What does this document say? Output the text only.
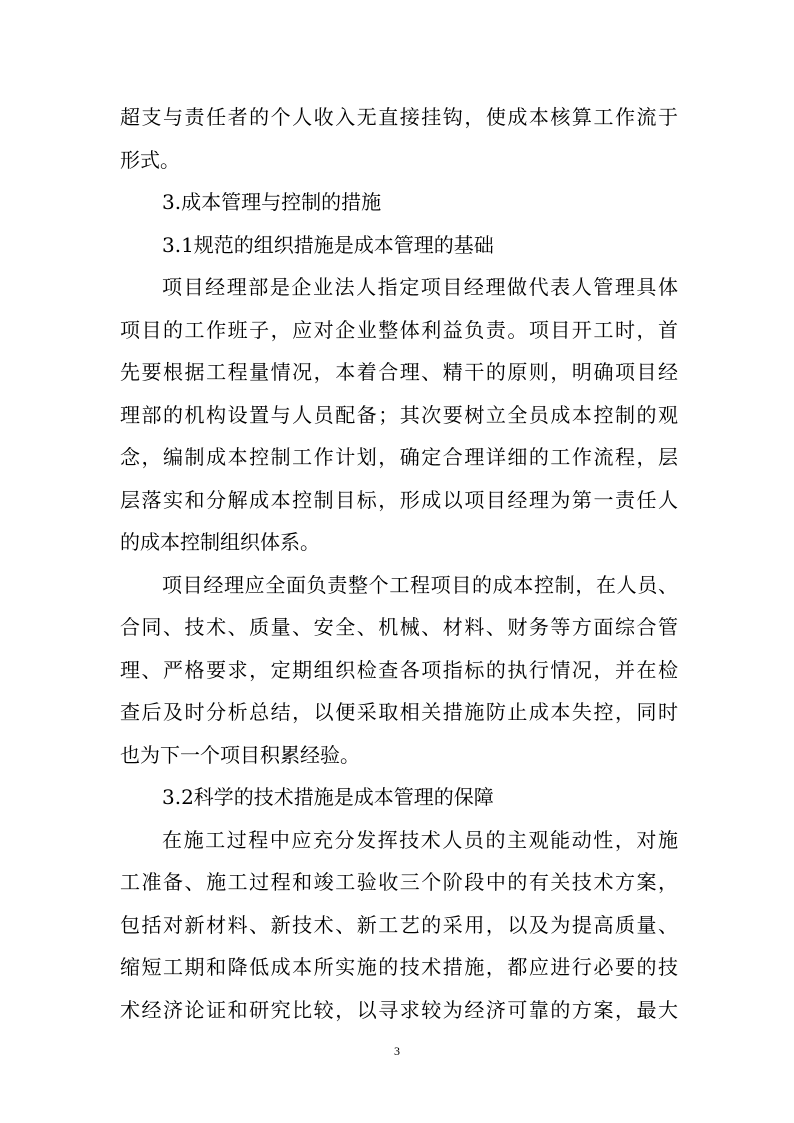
超支与责任者的个人收入无直接挂钩，使成本核算工作流于
形式。
3.成本管理与控制的措施
3.1规范的组织措施是成本管理的基础
项目经理部是企业法人指定项目经理做代表人管理具体
项目的工作班子，应对企业整体利益负责。项目开工时，首
先要根据工程量情况，本着合理、精干的原则，明确项目经
理部的机构设置与人员配备；其次要树立全员成本控制的观
念，编制成本控制工作计划，确定合理详细的工作流程，层
层落实和分解成本控制目标，形成以项目经理为第一责任人
的成本控制组织体系。
项目经理应全面负责整个工程项目的成本控制，在人员、
合同、技术、质量、安全、机械、材料、财务等方面综合管
理、严格要求，定期组织检查各项指标的执行情况，并在检
查后及时分析总结，以便采取相关措施防止成本失控，同时
也为下一个项目积累经验。
3.2科学的技术措施是成本管理的保障
在施工过程中应充分发挥技术人员的主观能动性，对施
工准备、施工过程和竣工验收三个阶段中的有关技术方案，
包括对新材料、新技术、新工艺的采用，以及为提高质量、
缩短工期和降低成本所实施的技术措施，都应进行必要的技
术经济论证和研究比较，以寻求较为经济可靠的方案，最大
3
